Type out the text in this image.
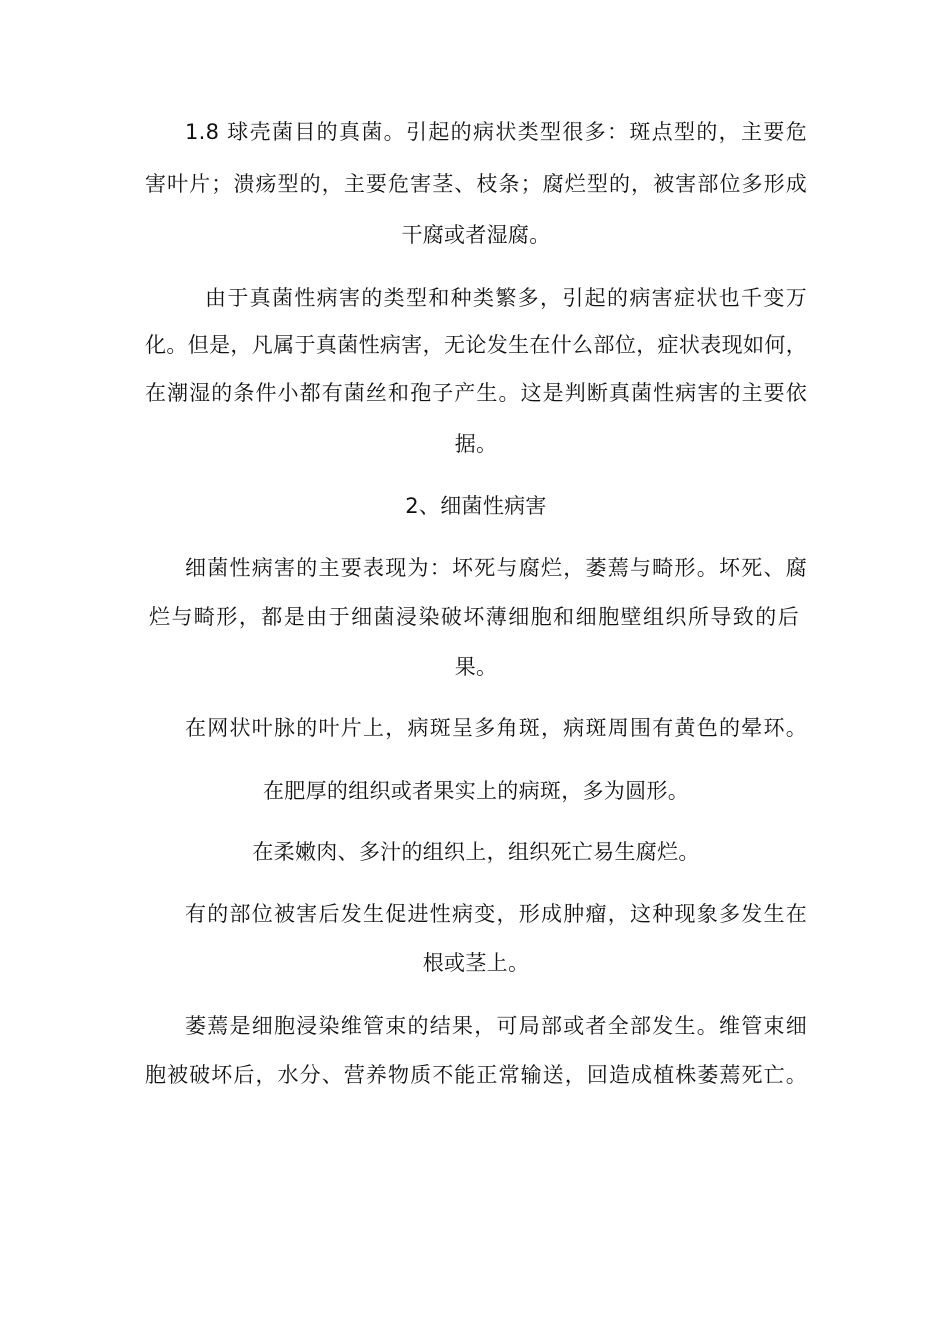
1.8 球壳菌目的真菌。引起的病状类型很多：斑点型的，主要危
害叶片；溃疡型的，主要危害茎、枝条；腐烂型的，被害部位多形成
干腐或者湿腐。
由于真菌性病害的类型和种类繁多，引起的病害症状也千变万
化。但是，凡属于真菌性病害，无论发生在什么部位，症状表现如何，
在潮湿的条件小都有菌丝和孢子产生。这是判断真菌性病害的主要依
据。
2、细菌性病害
细菌性病害的主要表现为：坏死与腐烂，萎蔫与畸形。坏死、腐
烂与畸形，都是由于细菌浸染破坏薄细胞和细胞壁组织所导致的后
果。
在网状叶脉的叶片上，病斑呈多角斑，病斑周围有黄色的晕环。
在肥厚的组织或者果实上的病斑，多为圆形。
在柔嫩肉、多汁的组织上，组织死亡易生腐烂。
有的部位被害后发生促进性病变，形成肿瘤，这种现象多发生在
根或茎上。
萎蔫是细胞浸染维管束的结果，可局部或者全部发生。维管束细
胞被破坏后，水分、营养物质不能正常输送，回造成植株萎蔫死亡。
